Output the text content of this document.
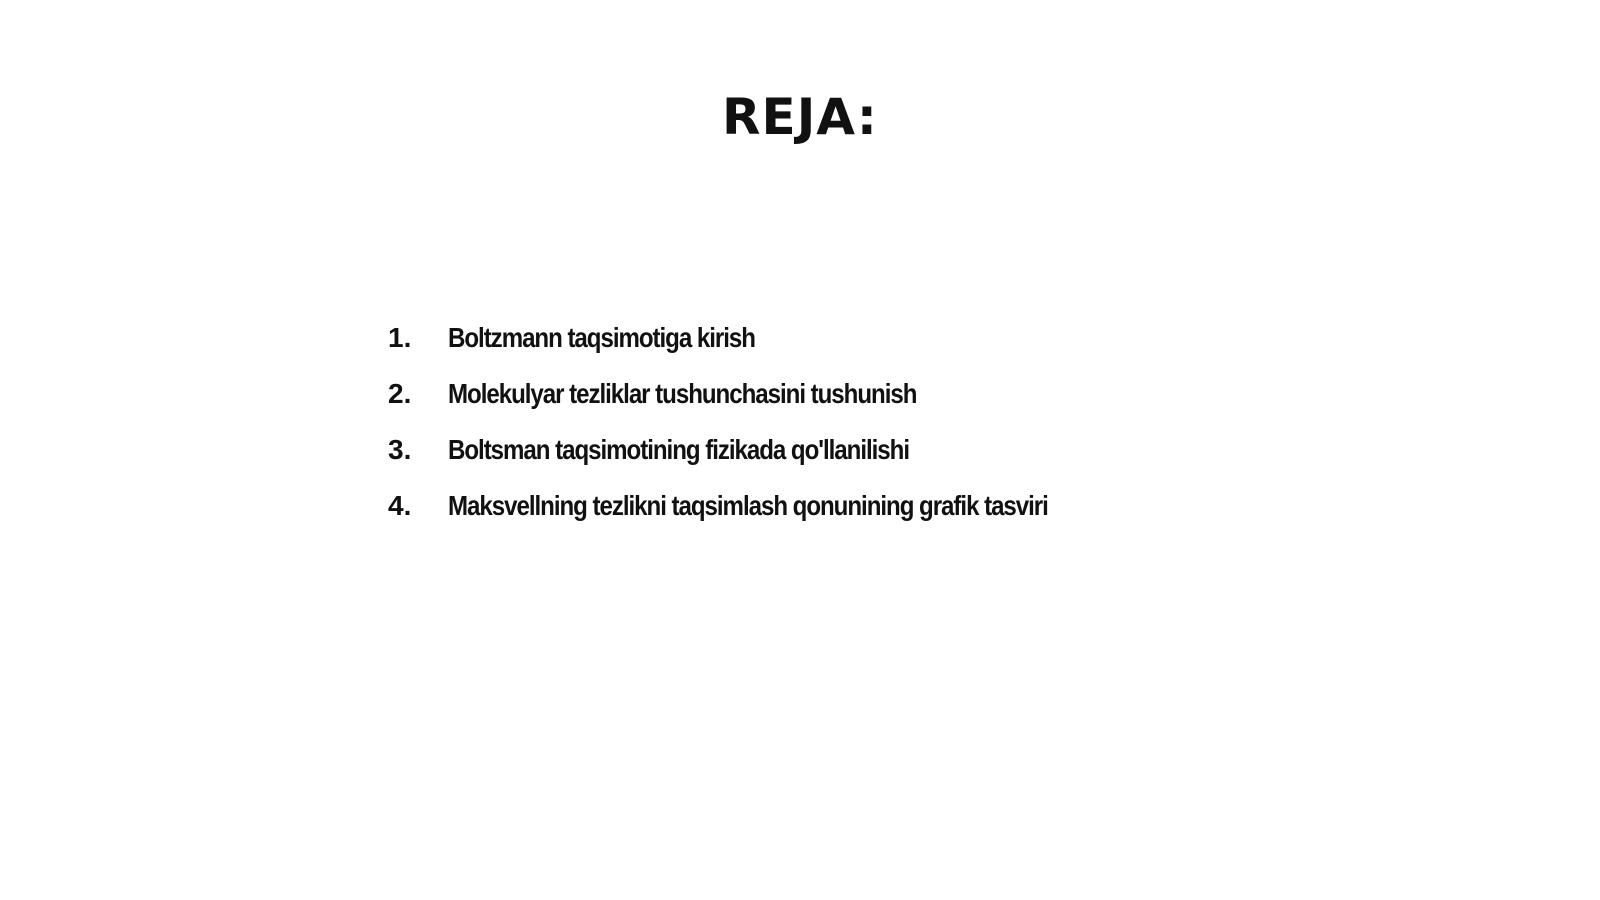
REJA:
1.	Boltzmann taqsimotiga kirish
2.	Molekulyar tezliklar tushunchasini tushunish
3.	Boltsman taqsimotining fizikada qo'llanilishi
4.	Maksvellning tezlikni taqsimlash qonunining grafik tasviri
